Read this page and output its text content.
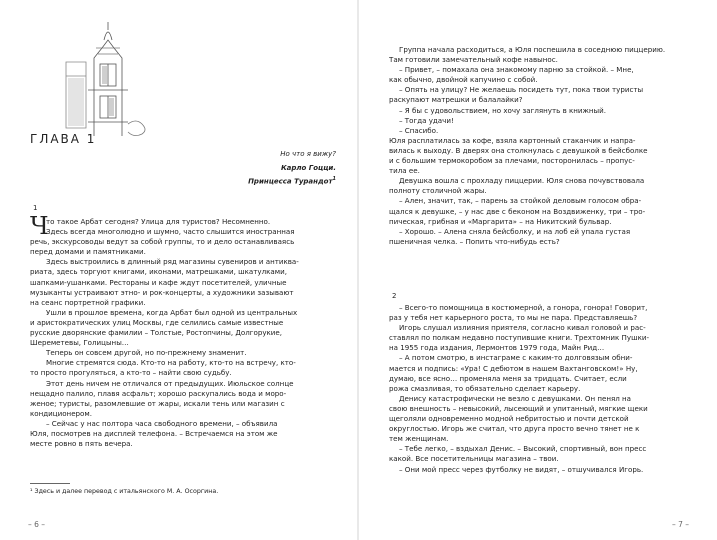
ГЛАВА 1
Но что я вижу?
Карло Гоцци.
Принцесса Турандот$^1$
1
Ч
то такое Арбат сегодня? Улица для туристов? Несомненно.
Здесь всегда многолюдно и шумно, часто слышится иностранная
речь, экскурсоводы ведут за собой группы, то и дело останавливаясь
перед домами и памятниками.
Здесь выстроились в длинный ряд магазины сувениров и антиква-
риата, здесь торгуют книгами, иконами, матрешками, шкатулками,
шапками-ушанками. Рестораны и кафе ждут посетителей, уличные
музыканты устраивают этно- и рок-концерты, а художники зазывают
на сеанс портретной графики.
Ушли в прошлое времена, когда Арбат был одной из центральных
и аристократических улиц Москвы, где селились самые известные
русские дворянские фамилии – Толстые, Ростопчины, Долгорукие,
Шереметевы, Голицыны…
Теперь он совсем другой, но по-прежнему знаменит.
Многие стремятся сюда. Кто-то на работу, кто-то на встречу, кто-
то просто прогуляться, а кто-то – найти свою судьбу.
Этот день ничем не отличался от предыдущих. Июльское солнце
нещадно палило, плавя асфальт; хорошо раскупались вода и моро-
женое; туристы, разомлевшие от жары, искали тень или магазин с
кондиционером.
– Сейчас у нас полтора часа свободного времени, – объявила
Юля, посмотрев на дисплей телефона. – Встречаемся на этом же
месте ровно в пять вечера.
¹ Здесь и далее перевод с итальянского М. А. Осоргина.
– 6 –
Группа начала расходиться, а Юля поспешила в соседнюю пиццерию.
Там готовили замечательный кофе навынос.
– Привет, – помахала она знакомому парню за стойкой. – Мне,
как обычно, двойной капучино с собой.
– Опять на улицу? Не желаешь посидеть тут, пока твои туристы
раскупают матрешки и балалайки?
– Я бы с удовольствием, но хочу заглянуть в книжный.
– Тогда удачи!
– Спасибо.
Юля расплатилась за кофе, взяла картонный стаканчик и напра-
вилась к выходу. В дверях она столкнулась с девушкой в бейсболке
и с большим термокоробом за плечами, посторонилась – пропус-
тила ее.
Девушка вошла с прохладу пиццерии. Юля снова почувствовала
полноту столичной жары.
– Ален, значит, так, – парень за стойкой деловым голосом обра-
щался к девушке, – у нас две с беконом на Воздвиженку, три – тро-
пическая, грибная и «Маргарита» – на Никитский бульвар.
– Хорошо. – Алена сняла бейсболку, и на лоб ей упала густая
пшеничная челка. – Попить что-нибудь есть?
2
– Всего-то помощница в костюмерной, а гонора, гонора! Говорит,
раз у тебя нет карьерного роста, то мы не пара. Представляешь?
Игорь слушал излияния приятеля, согласно кивал головой и рас-
ставлял по полкам недавно поступившие книги. Трехтомник Пушки-
на 1955 года издания, Лермонтов 1979 года, Майн Рид…
– А потом смотрю, в инстаграме с каким-то долговязым обни-
мается и подпись: «Ура! С дебютом в нашем Вахтанговском!» Ну,
думаю, все ясно… променяла меня за тридцать. Считает, если
рожа смазливая, то обязательно сделает карьеру.
Денису катастрофически не везло с девушками. Он пенял на
свою внешность – невысокий, лысеющий и упитанный, мягкие щеки
щеголяли одновременно модной небритостью и почти детской
округлостью. Игорь же считал, что друга просто вечно тянет не к
тем женщинам.
– Тебе легко, – вздыхал Денис. – Высокий, спортивный, вон пресс
какой. Все посетительницы магазина – твои.
– Они мой пресс через футболку не видят, – отшучивался Игорь.
– 7 –
